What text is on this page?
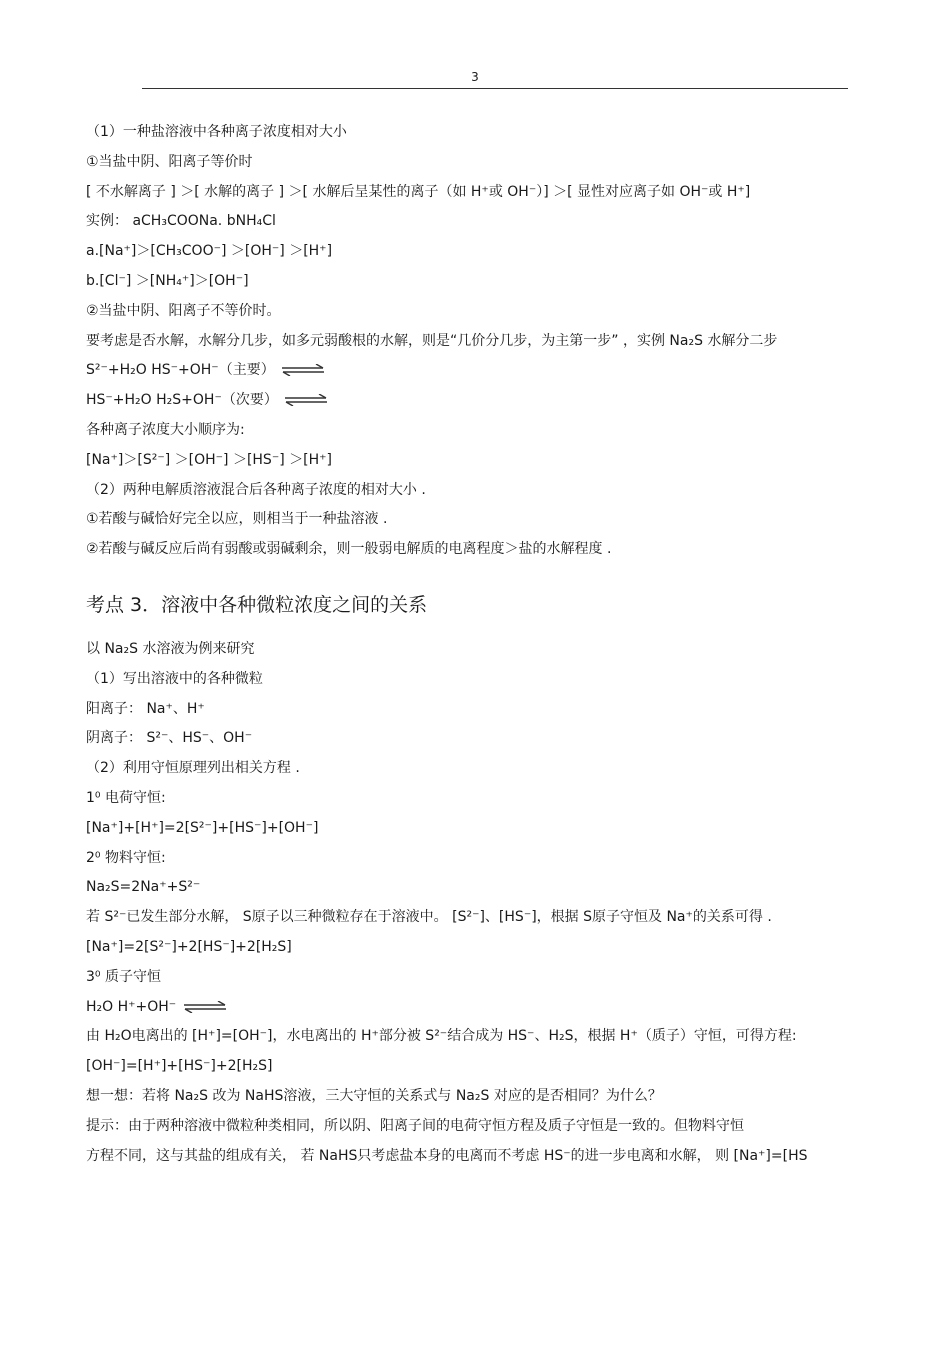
3
（1）一种盐溶液中各种离子浓度相对大小
①当盐中阴、阳离子等价时
[ 不水解离子 ] ＞[ 水解的离子 ] ＞[ 水解后呈某性的离子（如 H⁺或 OH⁻）] ＞[ 显性对应离子如 OH⁻或 H⁺]
实例： aCH₃COONa. bNH₄Cl
a.[Na⁺]＞[CH₃COO⁻] ＞[OH⁻] ＞[H⁺]
b.[Cl⁻] ＞[NH₄⁺]＞[OH⁻]
②当盐中阴、阳离子不等价时。
要考虑是否水解，水解分几步，如多元弱酸根的水解，则是“几价分几步，为主第一步” ，实例 Na₂S 水解分二步
S²⁻+H₂O HS⁻+OH⁻（主要） ⇌
HS⁻+H₂O H₂S+OH⁻（次要） ⇌
各种离子浓度大小顺序为:
[Na⁺]＞[S²⁻] ＞[OH⁻] ＞[HS⁻] ＞[H⁺]
（2）两种电解质溶液混合后各种离子浓度的相对大小 .
①若酸与碱恰好完全以应，则相当于一种盐溶液 .
②若酸与碱反应后尚有弱酸或弱碱剩余，则一般弱电解质的电离程度＞盐的水解程度 .
考点 3．溶液中各种微粒浓度之间的关系
以 Na₂S 水溶液为例来研究
（1）写出溶液中的各种微粒
阳离子： Na⁺、H⁺
阴离子： S²⁻、HS⁻、OH⁻
（2）利用守恒原理列出相关方程 .
1⁰ 电荷守恒:
[Na⁺]+[H⁺]=2[S²⁻]+[HS⁻]+[OH⁻]
2⁰ 物料守恒:
Na₂S=2Na⁺+S²⁻
若 S²⁻已发生部分水解， S原子以三种微粒存在于溶液中。 [S²⁻]、[HS⁻]，根据 S原子守恒及 Na⁺的关系可得 .
[Na⁺]=2[S²⁻]+2[HS⁻]+2[H₂S]
3⁰ 质子守恒
H₂O H⁺+OH⁻ ⇌
由 H₂O电离出的 [H⁺]=[OH⁻]，水电离出的 H⁺部分被 S²⁻结合成为 HS⁻、H₂S，根据 H⁺（质子）守恒，可得方程:
[OH⁻]=[H⁺]+[HS⁻]+2[H₂S]
想一想：若将 Na₂S 改为 NaHS溶液，三大守恒的关系式与 Na₂S 对应的是否相同？为什么？
提示：由于两种溶液中微粒种类相同，所以阴、阳离子间的电荷守恒方程及质子守恒是一致的。但物料守恒
方程不同，这与其盐的组成有关， 若 NaHS只考虑盐本身的电离而不考虑 HS⁻的进一步电离和水解， 则 [Na⁺]=[HS
